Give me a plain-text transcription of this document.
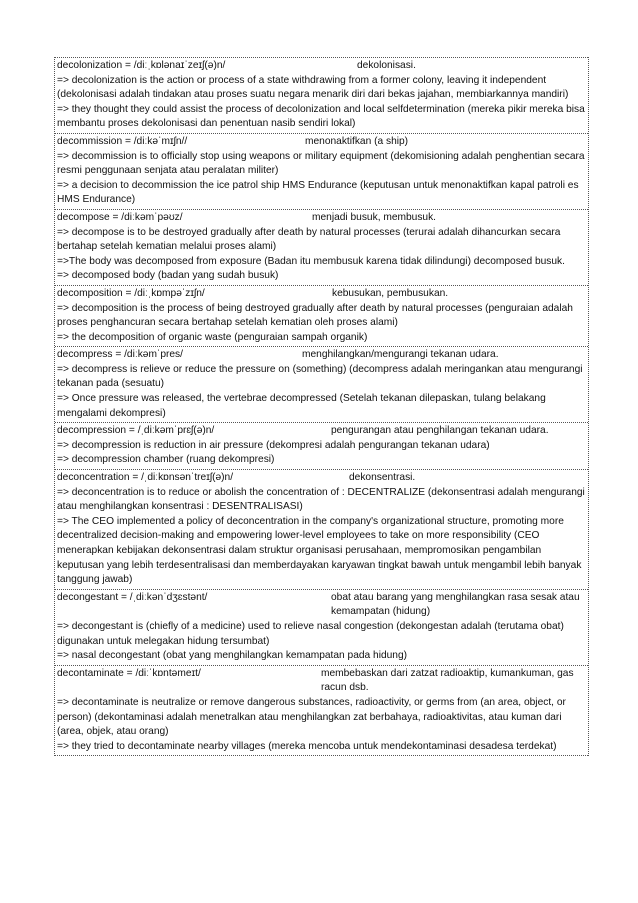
decolonization = /diːˌkɒlənaɪˈzeɪʃ(ə)n/	dekolonisasi.
=> decolonization is the action or process of a state withdrawing from a former colony, leaving it independent (dekolonisasi adalah tindakan atau proses suatu negara menarik diri dari bekas jajahan, membiarkannya mandiri)
=> they thought they could assist the process of decolonization and local selfdetermination (mereka pikir mereka bisa membantu proses dekolonisasi dan penentuan nasib sendiri lokal)
decommission = /diːkəˈmɪʃn//	menonaktifkan (a ship)
=> decommission is to officially stop using weapons or military equipment (dekomisioning adalah penghentian secara resmi penggunaan senjata atau peralatan militer)
=> a decision to decommission the ice patrol ship HMS Endurance (keputusan untuk menonaktifkan kapal patroli es HMS Endurance)
decompose = /diːkəmˈpəʊz/	menjadi busuk, membusuk.
=> decompose is to be destroyed gradually after death by natural processes (terurai adalah dihancurkan secara bertahap setelah kematian melalui proses alami)
=>The body was decomposed from exposure (Badan itu membusuk karena tidak dilindungi) decomposed busuk.
=> decomposed body (badan yang sudah busuk)
decomposition = /diːˌkɒmpəˈzɪʃn/	kebusukan, pembusukan.
=> decomposition is the process of being destroyed gradually after death by natural processes (penguraian adalah proses penghancuran secara bertahap setelah kematian oleh proses alami)
=> the decomposition of organic waste (penguraian sampah organik)
decompress = /diːkəmˈpres/	menghilangkan/mengurangi tekanan udara.
=> decompress is relieve or reduce the pressure on (something) (decompress adalah meringankan atau mengurangi tekanan pada (sesuatu)
=> Once pressure was released, the vertebrae decompressed (Setelah tekanan dilepaskan, tulang belakang mengalami dekompresi)
decompression = /ˌdiːkəmˈprɛʃ(ə)n/	pengurangan atau penghilangan tekanan udara.
=> decompression is reduction in air pressure (dekompresi adalah pengurangan tekanan udara)
=> decompression chamber (ruang dekompresi)
deconcentration = /ˌdiːkɒnsənˈtreɪʃ(ə)n/	dekonsentrasi.
=> deconcentration is to reduce or abolish the concentration of : DECENTRALIZE (dekonsentrasi adalah mengurangi atau menghilangkan konsentrasi : DESENTRALISASI)
=> The CEO implemented a policy of deconcentration in the company's organizational structure, promoting more decentralized decision-making and empowering lower-level employees to take on more responsibility (CEO menerapkan kebijakan dekonsentrasi dalam struktur organisasi perusahaan, mempromosikan pengambilan keputusan yang lebih terdesentralisasi dan memberdayakan karyawan tingkat bawah untuk mengambil lebih banyak tanggung jawab)
decongestant = /ˌdiːkənˈdʒɛstənt/	obat atau barang yang menghilangkan rasa sesak atau kemampatan (hidung)
=> decongestant is (chiefly of a medicine) used to relieve nasal congestion (dekongestan adalah (terutama obat) digunakan untuk melegakan hidung tersumbat)
=> nasal decongestant (obat yang menghilangkan kemampatan pada hidung)
decontaminate = /diːˈkɒntəmeɪt/	membebaskan dari zatzat radioaktip, kumankuman, gas racun dsb.
=> decontaminate is neutralize or remove dangerous substances, radioactivity, or germs from (an area, object, or person) (dekontaminasi adalah menetralkan atau menghilangkan zat berbahaya, radioaktivitas, atau kuman dari (area, objek, atau orang)
=> they tried to decontaminate nearby villages (mereka mencoba untuk mendekontaminasi desadesa terdekat)
